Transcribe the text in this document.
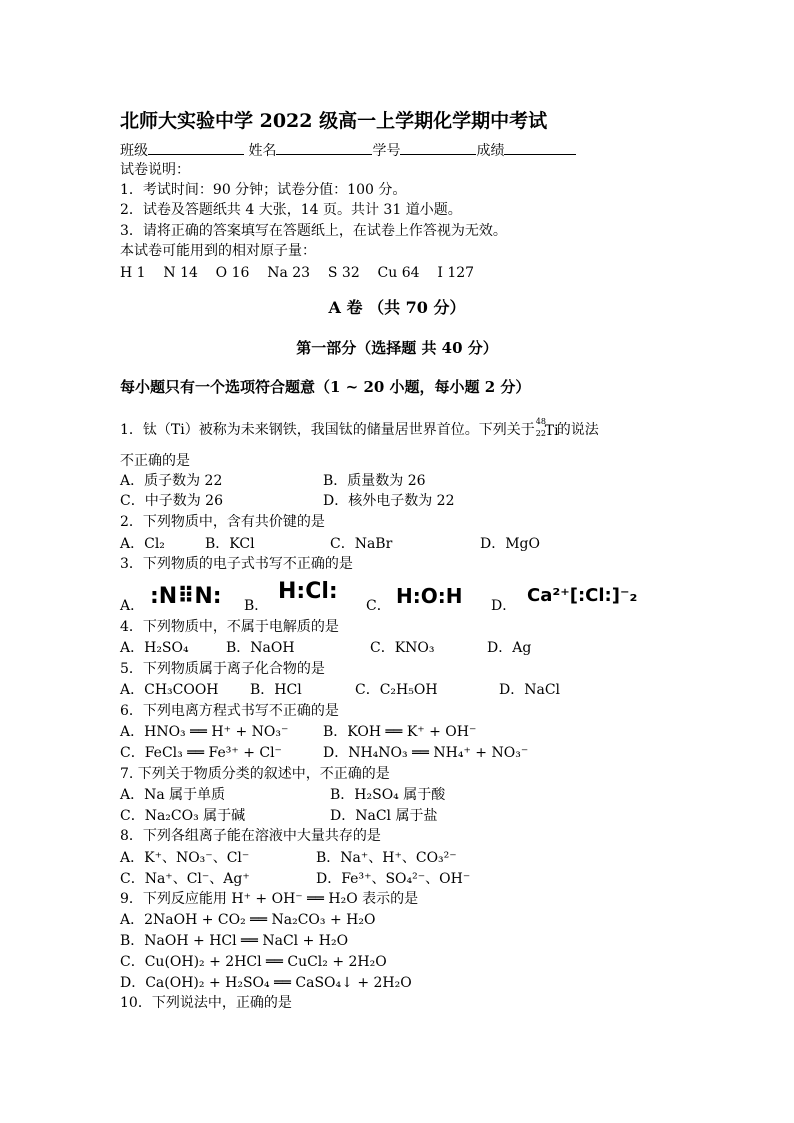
北师大实验中学 2022 级高一上学期化学期中考试
班级	姓名	学号	成绩
试卷说明：
1．考试时间：90 分钟；试卷分值：100 分。
2．试卷及答题纸共 4 大张，14 页。共计 31 道小题。
3．请将正确的答案填写在答题纸上，在试卷上作答视为无效。
本试卷可能用到的相对原子量：
H 1    N 14    O 16    Na 23    S 32    Cu 64    I 127
A 卷 （共 70 分）
第一部分（选择题 共 40 分）
每小题只有一个选项符合题意（1 ~ 20 小题，每小题 2 分）
1．钛（Ti）被称为未来钢铁，我国钛的储量居世界首位。下列关于
48
22
Ti
的说法
不正确的是
A．质子数为 22	B．质量数为 26
C．中子数为 26	D．核外电子数为 22
2．下列物质中，含有共价键的是
A．Cl₂	B．KCl	C．NaBr	D．MgO
3．下列物质的电子式书写不正确的是
A． :N⠿N: B．
H:Cl:
C． H:O:H D． Ca²⁺[:Cl:]⁻₂
4．下列物质中，不属于电解质的是
A．H₂SO₄	B．NaOH	C．KNO₃	D．Ag
5．下列物质属于离子化合物的是
A．CH₃COOH B．HCl	C．C₂H₅OH	D．NaCl
6．下列电离方程式书写不正确的是
A．HNO₃ ══ H⁺ + NO₃⁻ B．KOH ══ K⁺ + OH⁻
C．FeCl₃ ══ Fe³⁺ + Cl⁻	D．NH₄NO₃ ══ NH₄⁺ + NO₃⁻
7. 下列关于物质分类的叙述中，不正确的是
A．Na 属于单质	B．H₂SO₄ 属于酸
C．Na₂CO₃ 属于碱	D．NaCl 属于盐
8．下列各组离子能在溶液中大量共存的是
A．K⁺、NO₃⁻、Cl⁻	B．Na⁺、H⁺、CO₃²⁻
C．Na⁺、Cl⁻、Ag⁺	D．Fe³⁺、SO₄²⁻、OH⁻
9．下列反应能用 H⁺ + OH⁻ ══ H₂O 表示的是
A．2NaOH + CO₂ ══ Na₂CO₃ + H₂O
B．NaOH + HCl ══ NaCl + H₂O
C．Cu(OH)₂ + 2HCl ══ CuCl₂ + 2H₂O
D．Ca(OH)₂ + H₂SO₄ ══ CaSO₄↓ + 2H₂O
10．下列说法中，正确的是
